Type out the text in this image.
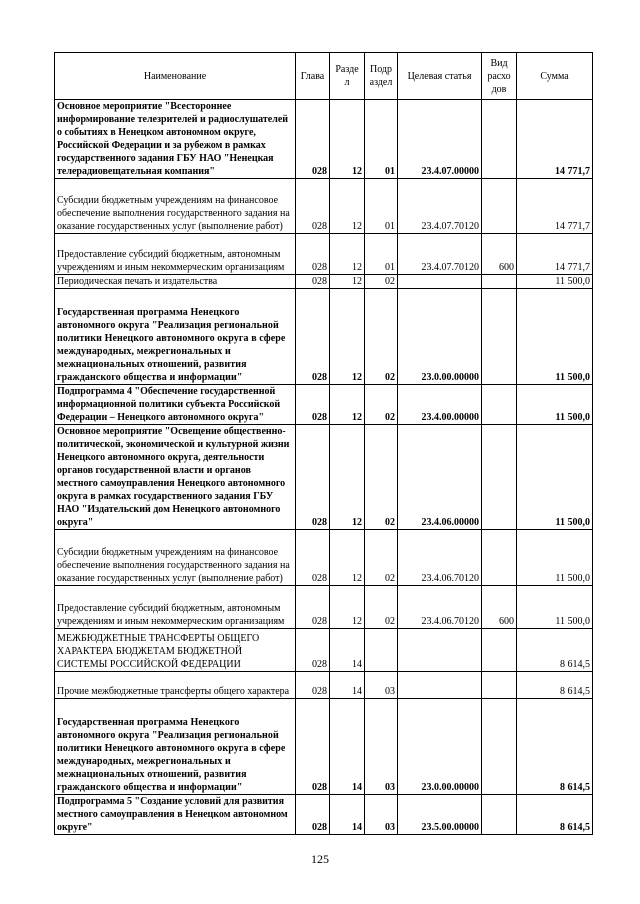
Наименование	Глава	Разде л	Подр аздел	Целевая статья	Вид расхо дов	Сумма
Основное мероприятие "Всестороннее информирование телезрителей и радиослушателей о событиях в Ненецком автономном округе, Российской Федерации и за рубежом в рамках государственного задания ГБУ НАО "Ненецкая телерадиовещательная компания"	028	12	01	23.4.07.00000		14 771,7
Субсидии бюджетным учреждениям на финансовое обеспечение выполнения государственного задания на оказание государственных услуг (выполнение работ)	028	12	01	23.4.07.70120		14 771,7
Предоставление субсидий бюджетным, автономным учреждениям и иным некоммерческим организациям	028	12	01	23.4.07.70120	600	14 771,7
Периодическая печать и издательства	028	12	02			11 500,0
Государственная программа Ненецкого автономного округа "Реализация региональной политики Ненецкого автономного округа в сфере международных, межрегиональных и межнациональных отношений, развития гражданского общества и информации"	028	12	02	23.0.00.00000		11 500,0
Подпрограмма 4 "Обеспечение государственной информационной политики субъекта Российской Федерации – Ненецкого автономного округа"	028	12	02	23.4.00.00000		11 500,0
Основное мероприятие "Освещение общественно-политической, экономической и культурной жизни Ненецкого автономного округа, деятельности органов государственной власти и органов местного самоуправления Ненецкого автономного округа в рамках государственного задания ГБУ НАО "Издательский дом Ненецкого автономного округа"	028	12	02	23.4.06.00000		11 500,0
Субсидии бюджетным учреждениям на финансовое обеспечение выполнения государственного задания на оказание государственных услуг (выполнение работ)	028	12	02	23.4.06.70120		11 500,0
Предоставление субсидий бюджетным, автономным учреждениям и иным некоммерческим организациям	028	12	02	23.4.06.70120	600	11 500,0
МЕЖБЮДЖЕТНЫЕ ТРАНСФЕРТЫ ОБЩЕГО ХАРАКТЕРА БЮДЖЕТАМ БЮДЖЕТНОЙ СИСТЕМЫ РОССИЙСКОЙ ФЕДЕРАЦИИ	028	14				8 614,5
Прочие межбюджетные трансферты общего характера	028	14	03			8 614,5
Государственная программа Ненецкого автономного округа "Реализация региональной политики Ненецкого автономного округа в сфере международных, межрегиональных и межнациональных отношений, развития гражданского общества и информации"	028	14	03	23.0.00.00000		8 614,5
Подпрограмма 5 "Создание условий для развития местного самоуправления в Ненецком автономном округе"	028	14	03	23.5.00.00000		8 614,5
125
